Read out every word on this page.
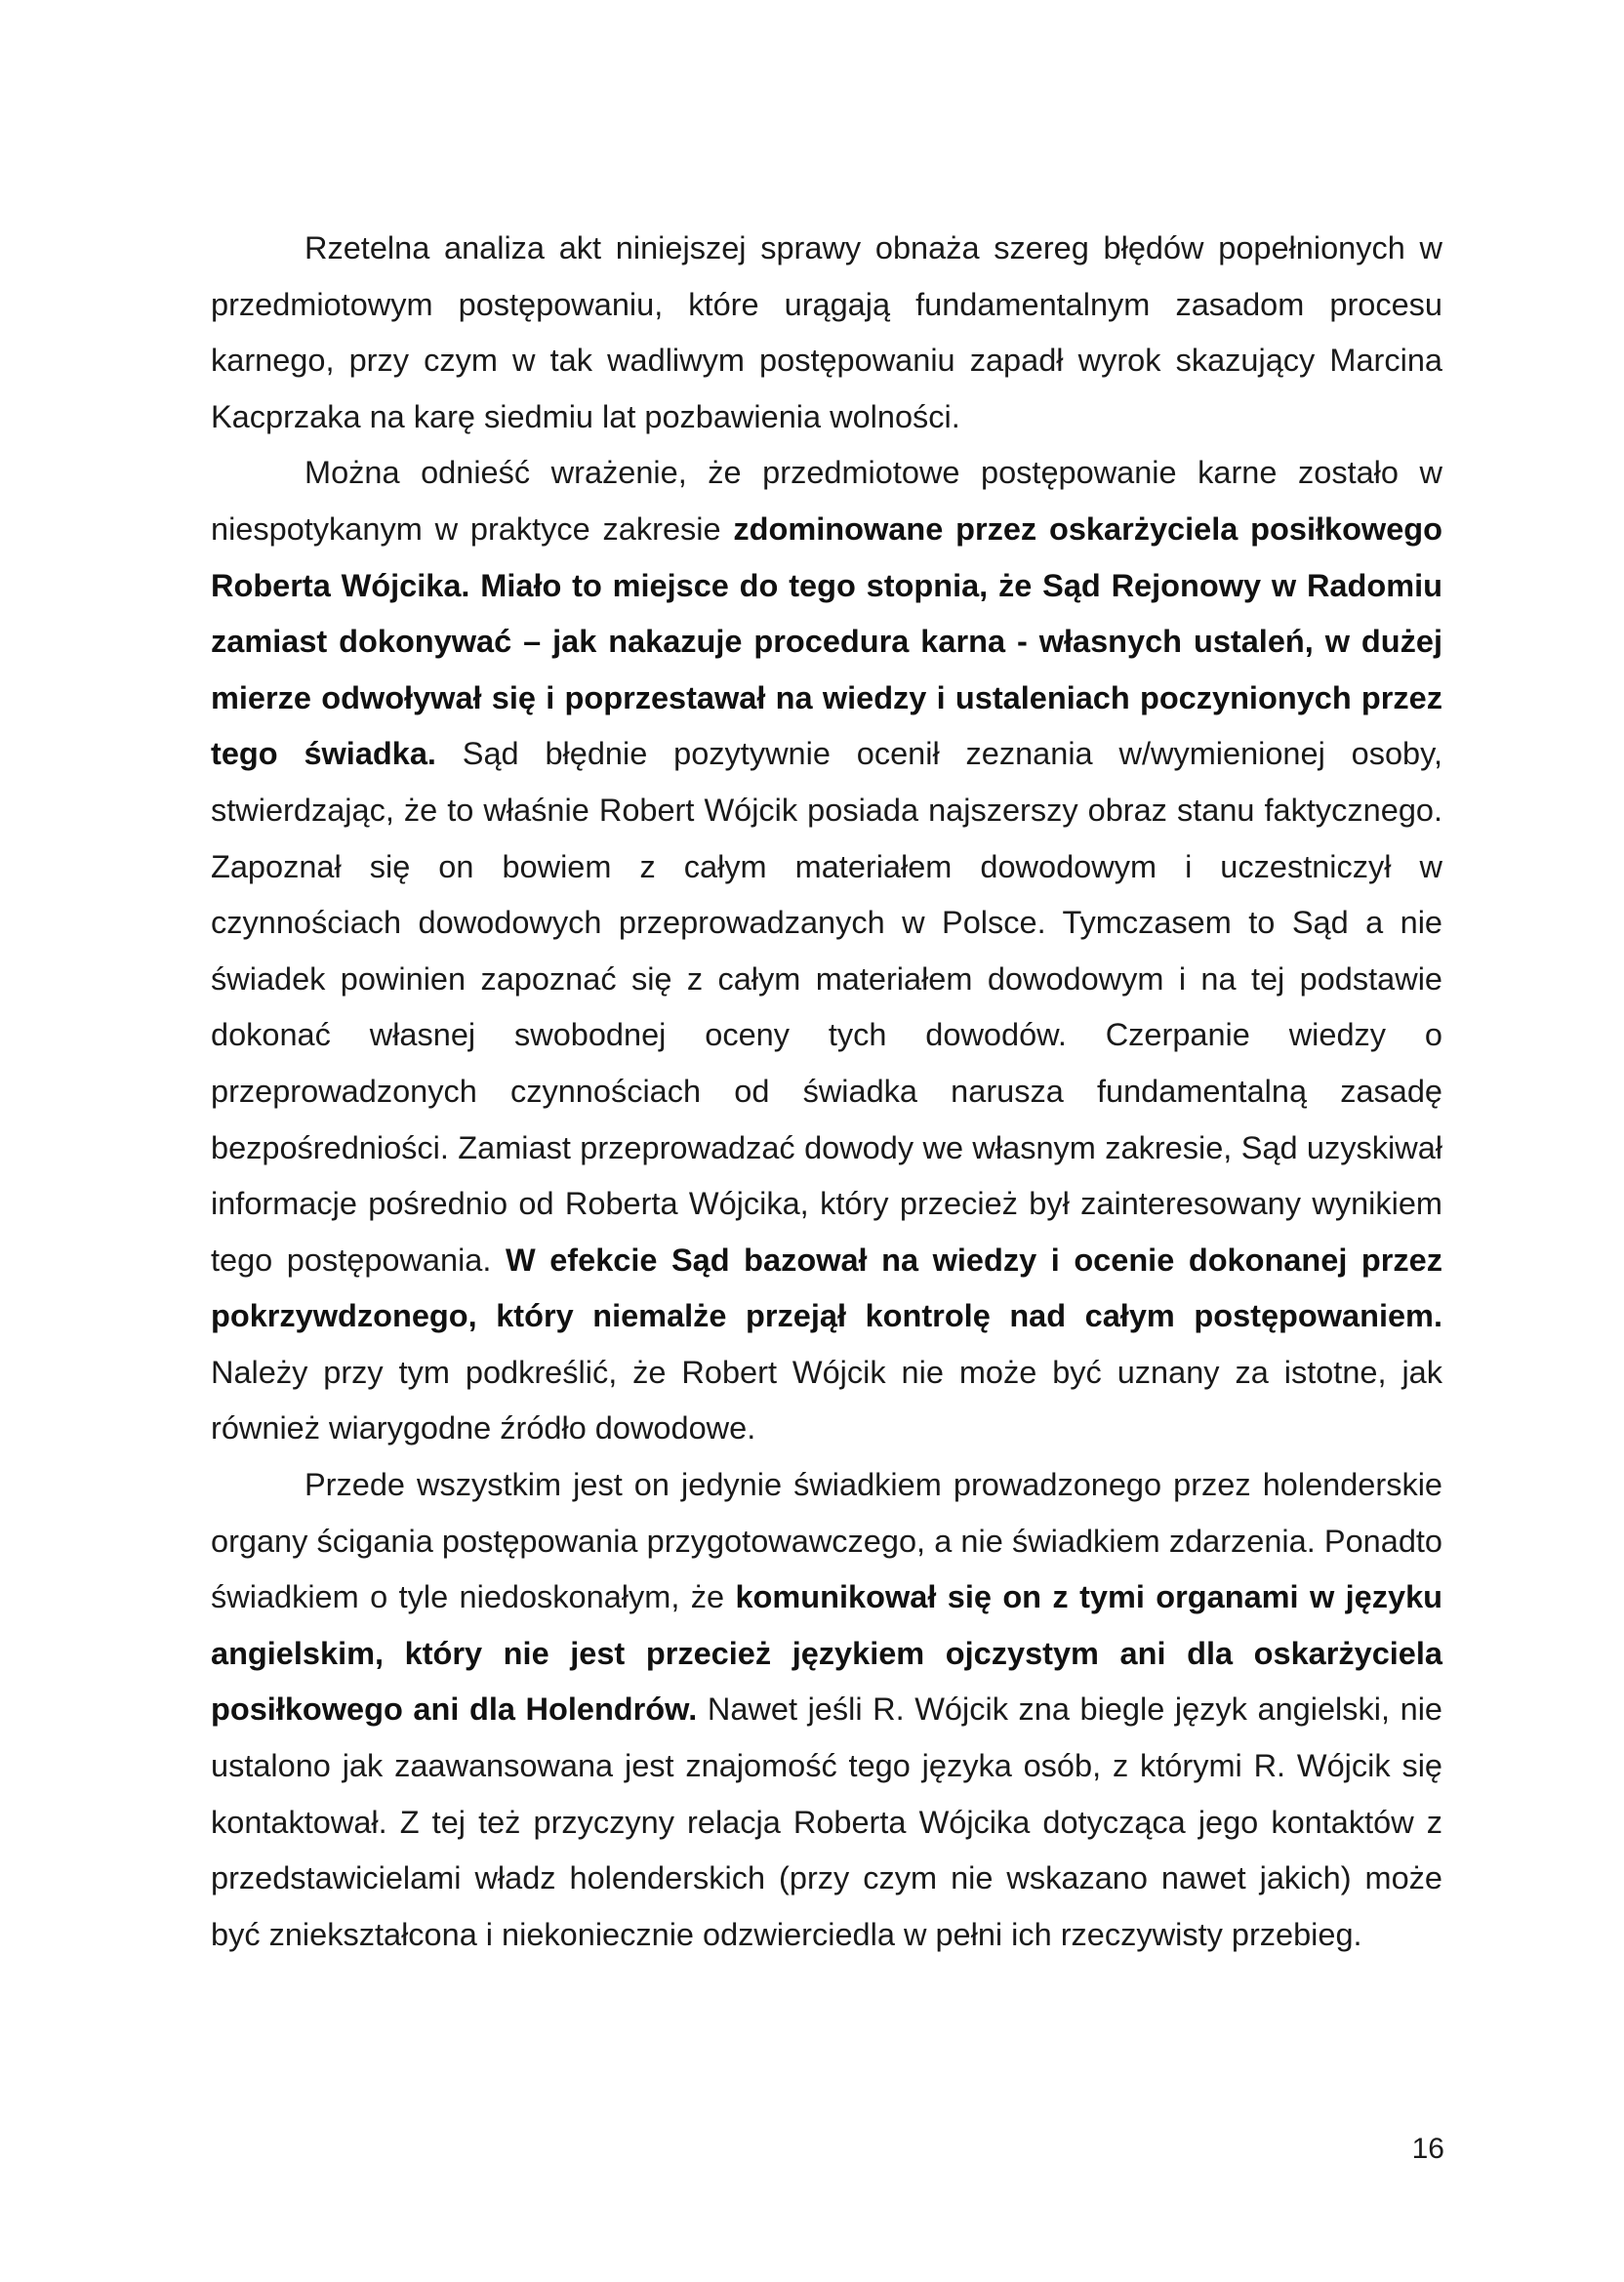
Rzetelna analiza akt niniejszej sprawy obnaża szereg błędów popełnionych w przedmiotowym postępowaniu, które urągają fundamentalnym zasadom procesu karnego, przy czym w tak wadliwym postępowaniu zapadł wyrok skazujący Marcina Kacprzaka na karę siedmiu lat pozbawienia wolności.

Można odnieść wrażenie, że przedmiotowe postępowanie karne zostało w niespotykanym w praktyce zakresie zdominowane przez oskarżyciela posiłkowego Roberta Wójcika. Miało to miejsce do tego stopnia, że Sąd Rejonowy w Radomiu zamiast dokonywać – jak nakazuje procedura karna - własnych ustaleń, w dużej mierze odwoływał się i poprzestawał na wiedzy i ustaleniach poczynionych przez tego świadka. Sąd błędnie pozytywnie ocenił zeznania w/wymienionej osoby, stwierdzając, że to właśnie Robert Wójcik posiada najszerszy obraz stanu faktycznego. Zapoznał się on bowiem z całym materiałem dowodowym i uczestniczył w czynnościach dowodowych przeprowadzanych w Polsce. Tymczasem to Sąd a nie świadek powinien zapoznać się z całym materiałem dowodowym i na tej podstawie dokonać własnej swobodnej oceny tych dowodów. Czerpanie wiedzy o przeprowadzonych czynnościach od świadka narusza fundamentalną zasadę bezpośredniości. Zamiast przeprowadzać dowody we własnym zakresie, Sąd uzyskiwał informacje pośrednio od Roberta Wójcika, który przecież był zainteresowany wynikiem tego postępowania. W efekcie Sąd bazował na wiedzy i ocenie dokonanej przez pokrzywdzonego, który niemalże przejął kontrolę nad całym postępowaniem. Należy przy tym podkreślić, że Robert Wójcik nie może być uznany za istotne, jak również wiarygodne źródło dowodowe.

Przede wszystkim jest on jedynie świadkiem prowadzonego przez holenderskie organy ścigania postępowania przygotowawczego, a nie świadkiem zdarzenia. Ponadto świadkiem o tyle niedoskonałym, że komunikował się on z tymi organami w języku angielskim, który nie jest przecież językiem ojczystym ani dla oskarżyciela posiłkowego ani dla Holendrów. Nawet jeśli R. Wójcik zna biegle język angielski, nie ustalono jak zaawansowana jest znajomość tego języka osób, z którymi R. Wójcik się kontaktował. Z tej też przyczyny relacja Roberta Wójcika dotycząca jego kontaktów z przedstawicielami władz holenderskich (przy czym nie wskazano nawet jakich) może być zniekształcona i niekoniecznie odzwierciedla w pełni ich rzeczywisty przebieg.

16
